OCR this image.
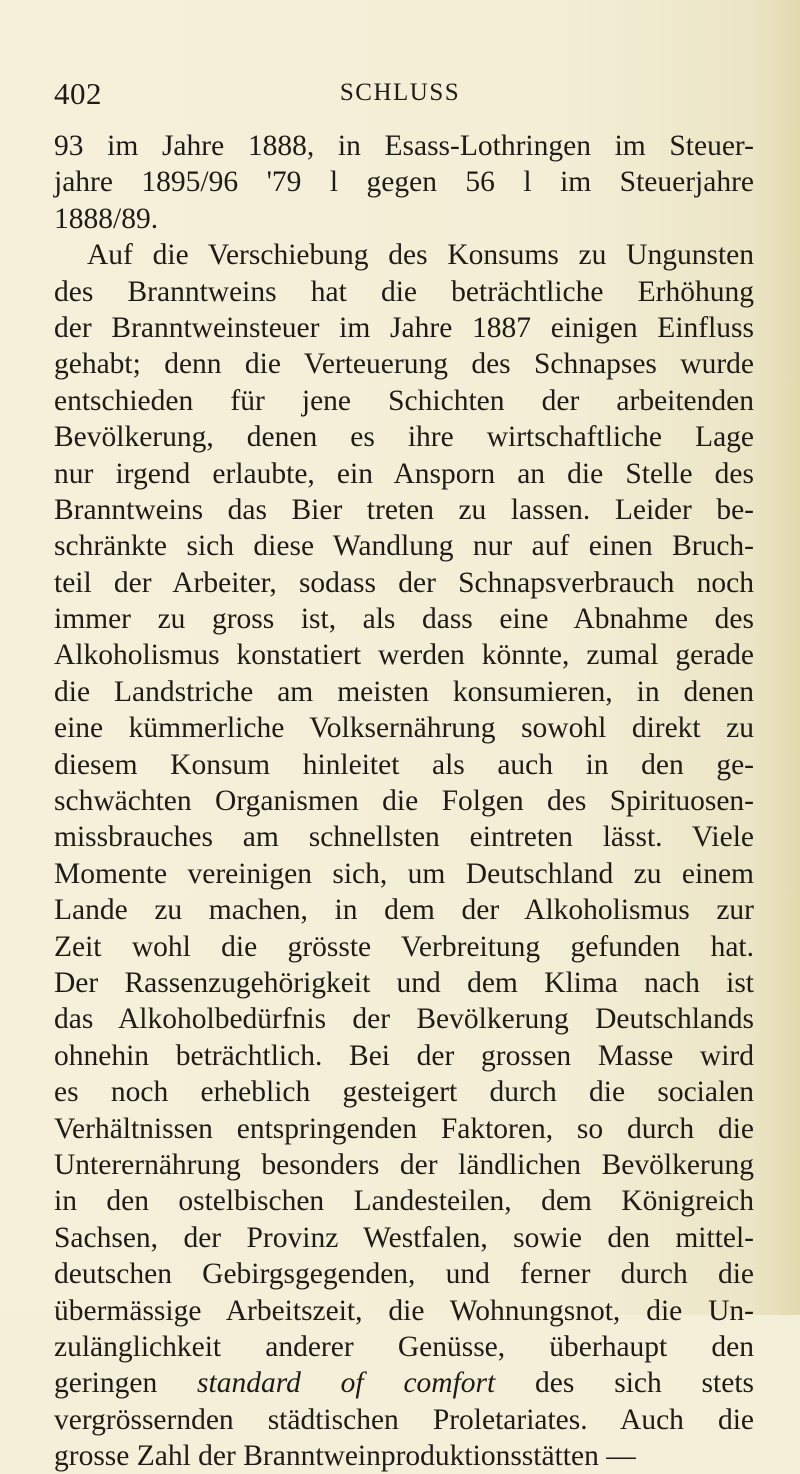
402	SCHLUSS
93 im Jahre 1888, in Esass-Lothringen im Steuer-
jahre 1895/96 '79 l gegen 56 l im Steuerjahre
1888/89.
Auf die Verschiebung des Konsums zu Ungunsten
des Branntweins hat die beträchtliche Erhöhung
der Branntweinsteuer im Jahre 1887 einigen Einfluss
gehabt; denn die Verteuerung des Schnapses wurde
entschieden für jene Schichten der arbeitenden
Bevölkerung, denen es ihre wirtschaftliche Lage
nur irgend erlaubte, ein Ansporn an die Stelle des
Branntweins das Bier treten zu lassen. Leider be-
schränkte sich diese Wandlung nur auf einen Bruch-
teil der Arbeiter, sodass der Schnapsverbrauch noch
immer zu gross ist, als dass eine Abnahme des
Alkoholismus konstatiert werden könnte, zumal gerade
die Landstriche am meisten konsumieren, in denen
eine kümmerliche Volksernährung sowohl direkt zu
diesem Konsum hinleitet als auch in den ge-
schwächten Organismen die Folgen des Spirituosen-
missbrauches am schnellsten eintreten lässt. Viele
Momente vereinigen sich, um Deutschland zu einem
Lande zu machen, in dem der Alkoholismus zur
Zeit wohl die grösste Verbreitung gefunden hat.
Der Rassenzugehörigkeit und dem Klima nach ist
das Alkoholbedürfnis der Bevölkerung Deutschlands
ohnehin beträchtlich. Bei der grossen Masse wird
es noch erheblich gesteigert durch die socialen
Verhältnissen entspringenden Faktoren, so durch die
Unterernährung besonders der ländlichen Bevölkerung
in den ostelbischen Landesteilen, dem Königreich
Sachsen, der Provinz Westfalen, sowie den mittel-
deutschen Gebirgsgegenden, und ferner durch die
übermässige Arbeitszeit, die Wohnungsnot, die Un-
zulänglichkeit anderer Genüsse, überhaupt den
geringen standard of comfort des sich stets
vergrössernden städtischen Proletariates. Auch die
grosse Zahl der Branntweinproduktionsstätten —
